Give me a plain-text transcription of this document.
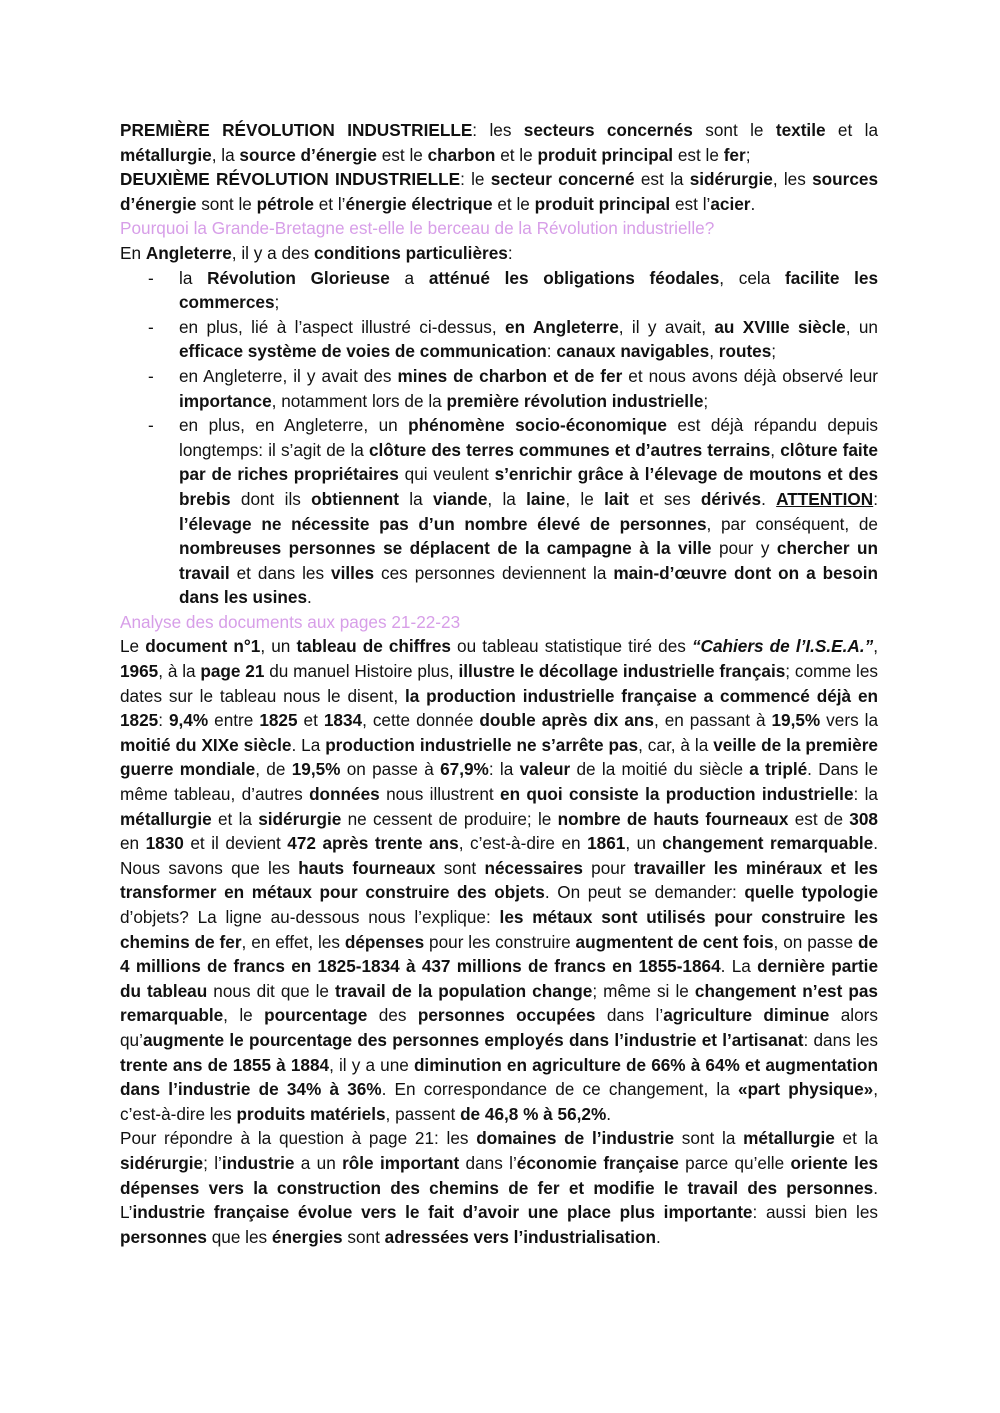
PREMIÈRE RÉVOLUTION INDUSTRIELLE: les secteurs concernés sont le textile et la métallurgie, la source d’énergie est le charbon et le produit principal est le fer;

DEUXIÈME RÉVOLUTION INDUSTRIELLE: le secteur concerné est la sidérurgie, les sources d’énergie sont le pétrole et l’énergie électrique et le produit principal est l’acier.

Pourquoi la Grande-Bretagne est-elle le berceau de la Révolution industrielle?

En Angleterre, il y a des conditions particulières:

- la Révolution Glorieuse a atténué les obligations féodales, cela facilite les commerces;
- en plus, lié à l’aspect illustré ci-dessus, en Angleterre, il y avait, au XVIIIe siècle, un efficace système de voies de communication: canaux navigables, routes;
- en Angleterre, il y avait des mines de charbon et de fer et nous avons déjà observé leur importance, notamment lors de la première révolution industrielle;
- en plus, en Angleterre, un phénomène socio-économique est déjà répandu depuis longtemps: il s’agit de la clôture des terres communes et d’autres terrains, clôture faite par de riches propriétaires qui veulent s’enrichir grâce à l’élevage de moutons et des brebis dont ils obtiennent la viande, la laine, le lait et ses dérivés. ATTENTION: l’élevage ne nécessite pas d’un nombre élevé de personnes, par conséquent, de nombreuses personnes se déplacent de la campagne à la ville pour y chercher un travail et dans les villes ces personnes deviennent la main-d’œuvre dont on a besoin dans les usines.

Analyse des documents aux pages 21-22-23

Le document n°1, un tableau de chiffres ou tableau statistique tiré des “Cahiers de l’I.S.E.A.”, 1965, à la page 21 du manuel Histoire plus, illustre le décollage industrielle français; comme les dates sur le tableau nous le disent, la production industrielle française a commencé déjà en 1825: 9,4% entre 1825 et 1834, cette donnée double après dix ans, en passant à 19,5% vers la moitié du XIXe siècle. La production industrielle ne s’arrête pas, car, à la veille de la première guerre mondiale, de 19,5% on passe à 67,9%: la valeur de la moitié du siècle a triplé. Dans le même tableau, d’autres données nous illustrent en quoi consiste la production industrielle: la métallurgie et la sidérurgie ne cessent de produire; le nombre de hauts fourneaux est de 308 en 1830 et il devient 472 après trente ans, c’est-à-dire en 1861, un changement remarquable. Nous savons que les hauts fourneaux sont nécessaires pour travailler les minéraux et les transformer en métaux pour construire des objets. On peut se demander: quelle typologie d’objets? La ligne au-dessous nous l’explique: les métaux sont utilisés pour construire les chemins de fer, en effet, les dépenses pour les construire augmentent de cent fois, on passe de 4 millions de francs en 1825-1834 à 437 millions de francs en 1855-1864. La dernière partie du tableau nous dit que le travail de la population change; même si le changement n’est pas remarquable, le pourcentage des personnes occupées dans l’agriculture diminue alors qu’augmente le pourcentage des personnes employés dans l’industrie et l’artisanat: dans les trente ans de 1855 à 1884, il y a une diminution en agriculture de 66% à 64% et augmentation dans l’industrie de 34% à 36%. En correspondance de ce changement, la «part physique», c’est-à-dire les produits matériels, passent de 46,8 % à 56,2%.

Pour répondre à la question à page 21: les domaines de l’industrie sont la métallurgie et la sidérurgie; l’industrie a un rôle important dans l’économie française parce qu’elle oriente les dépenses vers la construction des chemins de fer et modifie le travail des personnes. L’industrie française évolue vers le fait d’avoir une place plus importante: aussi bien les personnes que les énergies sont adressées vers l’industrialisation.
